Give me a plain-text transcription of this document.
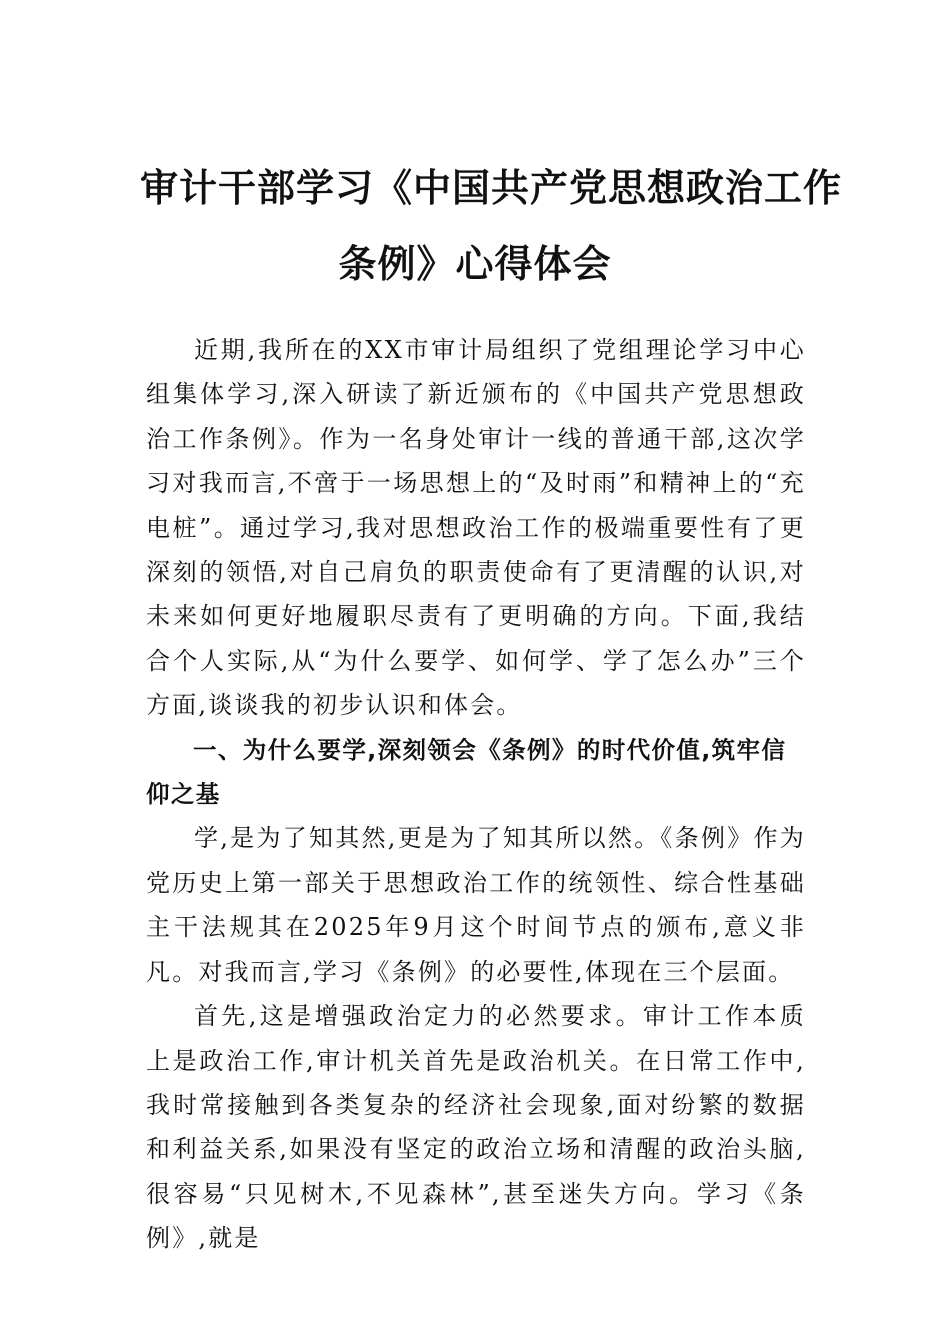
审计干部学习《中国共产党思想政治工作
条例》心得体会

近期,我所在的XX市审计局组织了党组理论学习中心组集体学习,深入研读了新近颁布的《中国共产党思想政治工作条例》。作为一名身处审计一线的普通干部,这次学习对我而言,不啻于一场思想上的“及时雨”和精神上的“充电桩”。通过学习,我对思想政治工作的极端重要性有了更深刻的领悟,对自己肩负的职责使命有了更清醒的认识,对未来如何更好地履职尽责有了更明确的方向。下面,我结合个人实际,从“为什么要学、如何学、学了怎么办”三个方面,谈谈我的初步认识和体会。

一、为什么要学,深刻领会《条例》的时代价值,筑牢信仰之基

学,是为了知其然,更是为了知其所以然。《条例》作为党历史上第一部关于思想政治工作的统领性、综合性基础主干法规其在2025年9月这个时间节点的颁布,意义非凡。对我而言,学习《条例》的必要性,体现在三个层面。

首先,这是增强政治定力的必然要求。审计工作本质上是政治工作,审计机关首先是政治机关。在日常工作中,我时常接触到各类复杂的经济社会现象,面对纷繁的数据和利益关系,如果没有坚定的政治立场和清醒的政治头脑,很容易“只见树木,不见森林”,甚至迷失方向。学习《条例》,就是
